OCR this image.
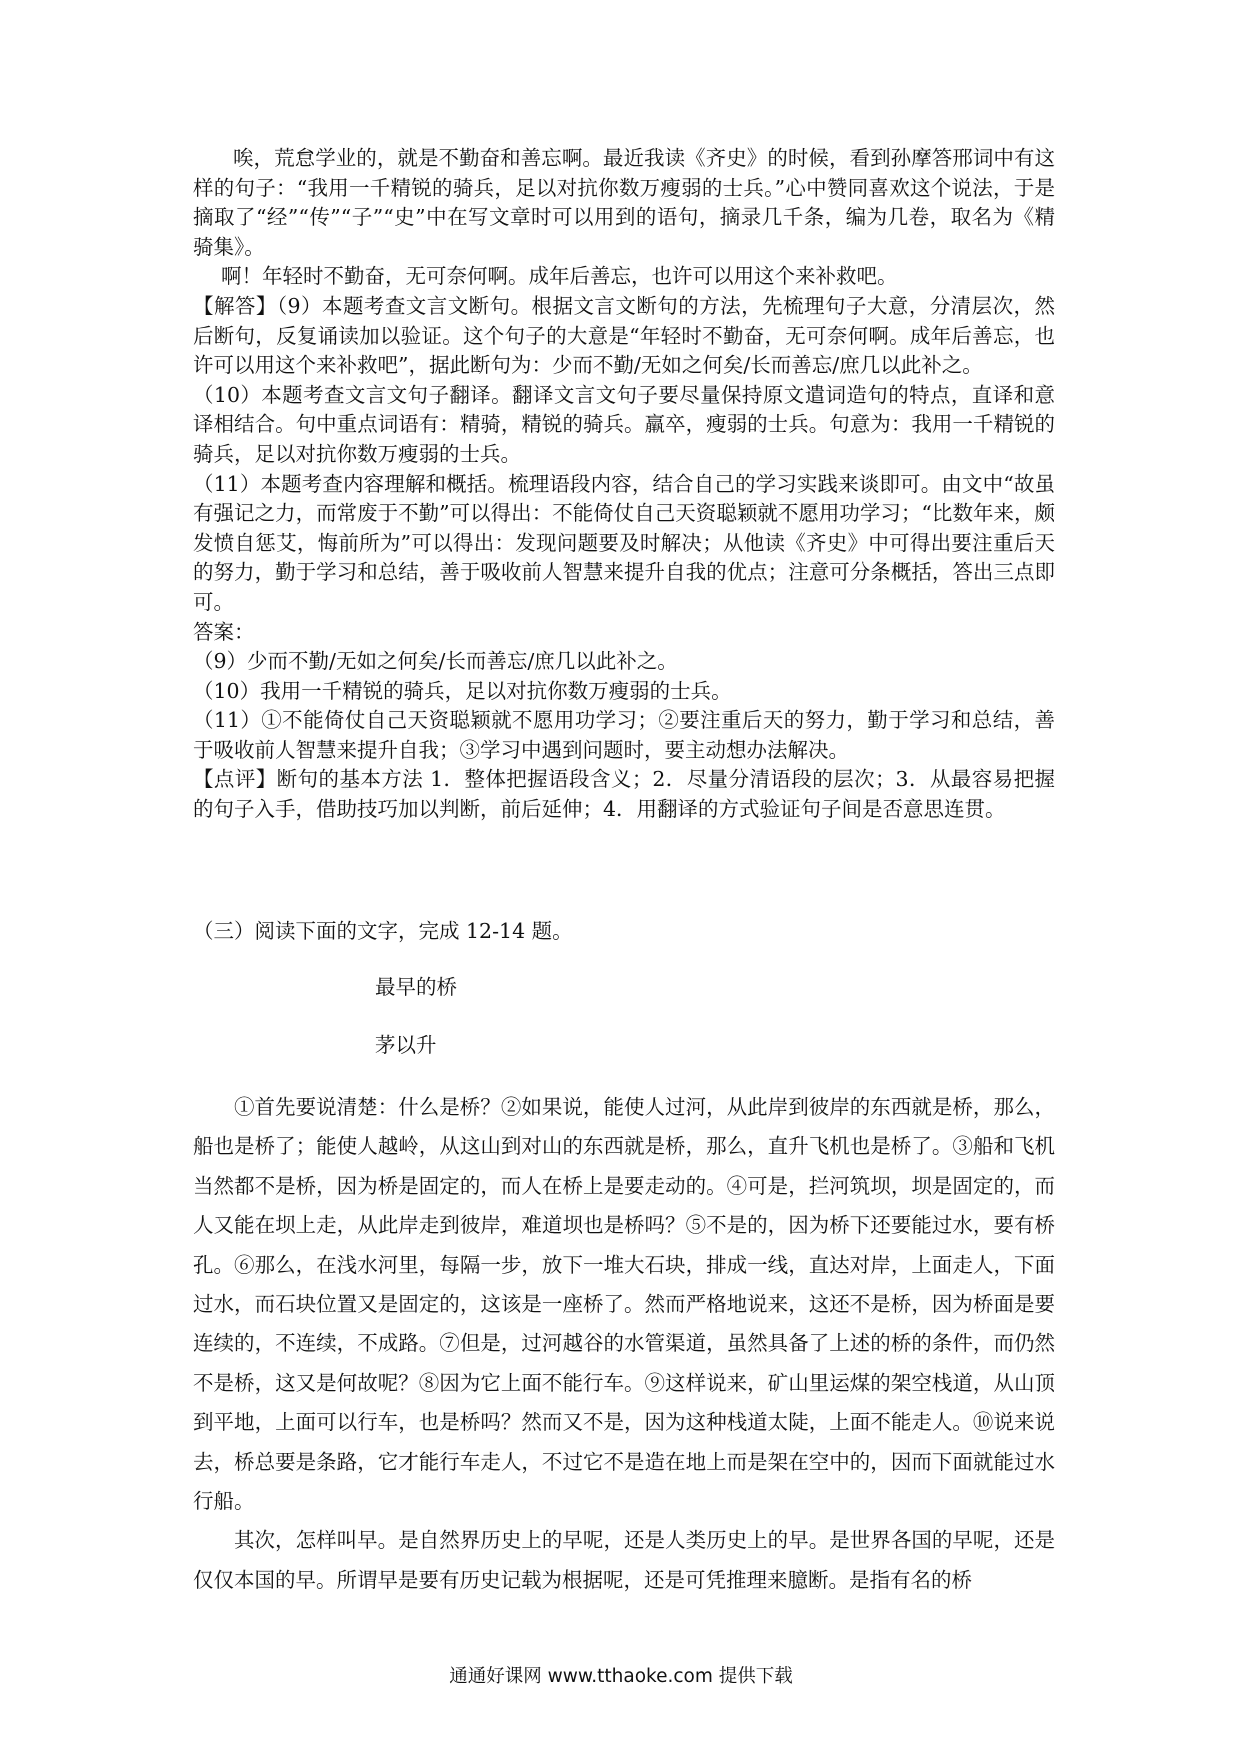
唉，荒怠学业的，就是不勤奋和善忘啊。最近我读《齐史》的时候，看到孙摩答邢词中有这样的句子：“我用一千精锐的骑兵，足以对抗你数万瘦弱的士兵。”心中赞同喜欢这个说法，于是摘取了“经”“传”“子”“史”中在写文章时可以用到的语句，摘录几千条，编为几卷，取名为《精骑集》。

啊！年轻时不勤奋，无可奈何啊。成年后善忘，也许可以用这个来补救吧。

【解答】（9）本题考查文言文断句。根据文言文断句的方法，先梳理句子大意，分清层次，然后断句，反复诵读加以验证。这个句子的大意是“年轻时不勤奋，无可奈何啊。成年后善忘，也许可以用这个来补救吧”，据此断句为：少而不勤/无如之何矣/长而善忘/庶几以此补之。

（10）本题考查文言文句子翻译。翻译文言文句子要尽量保持原文遣词造句的特点，直译和意译相结合。句中重点词语有：精骑，精锐的骑兵。羸卒，瘦弱的士兵。句意为：我用一千精锐的骑兵，足以对抗你数万瘦弱的士兵。

（11）本题考查内容理解和概括。梳理语段内容，结合自己的学习实践来谈即可。由文中“故虽有强记之力，而常废于不勤”可以得出：不能倚仗自己天资聪颖就不愿用功学习；“比数年来，颇发愤自惩艾，悔前所为”可以得出：发现问题要及时解决；从他读《齐史》中可得出要注重后天的努力，勤于学习和总结，善于吸收前人智慧来提升自我的优点；注意可分条概括，答出三点即可。

答案：

（9）少而不勤/无如之何矣/长而善忘/庶几以此补之。

（10）我用一千精锐的骑兵，足以对抗你数万瘦弱的士兵。

（11）①不能倚仗自己天资聪颖就不愿用功学习；②要注重后天的努力，勤于学习和总结，善于吸收前人智慧来提升自我；③学习中遇到问题时，要主动想办法解决。

【点评】断句的基本方法 1．整体把握语段含义；2．尽量分清语段的层次；3．从最容易把握的句子入手，借助技巧加以判断，前后延伸；4．用翻译的方式验证句子间是否意思连贯。

（三）阅读下面的文字，完成 12-14 题。

最早的桥

茅以升

①首先要说清楚：什么是桥？②如果说，能使人过河，从此岸到彼岸的东西就是桥，那么，船也是桥了；能使人越岭，从这山到对山的东西就是桥，那么，直升飞机也是桥了。③船和飞机当然都不是桥，因为桥是固定的，而人在桥上是要走动的。④可是，拦河筑坝，坝是固定的，而人又能在坝上走，从此岸走到彼岸，难道坝也是桥吗？⑤不是的，因为桥下还要能过水，要有桥孔。⑥那么，在浅水河里，每隔一步，放下一堆大石块，排成一线，直达对岸，上面走人，下面过水，而石块位置又是固定的，这该是一座桥了。然而严格地说来，这还不是桥，因为桥面是要连续的，不连续，不成路。⑦但是，过河越谷的水管渠道，虽然具备了上述的桥的条件，而仍然不是桥，这又是何故呢？⑧因为它上面不能行车。⑨这样说来，矿山里运煤的架空栈道，从山顶到平地，上面可以行车，也是桥吗？然而又不是，因为这种栈道太陡，上面不能走人。⑩说来说去，桥总要是条路，它才能行车走人，不过它不是造在地上而是架在空中的，因而下面就能过水行船。

其次，怎样叫早。是自然界历史上的早呢，还是人类历史上的早。是世界各国的早呢，还是仅仅本国的早。所谓早是要有历史记载为根据呢，还是可凭推理来臆断。是指有名的桥

通通好课网 www.tthaoke.com 提供下载
